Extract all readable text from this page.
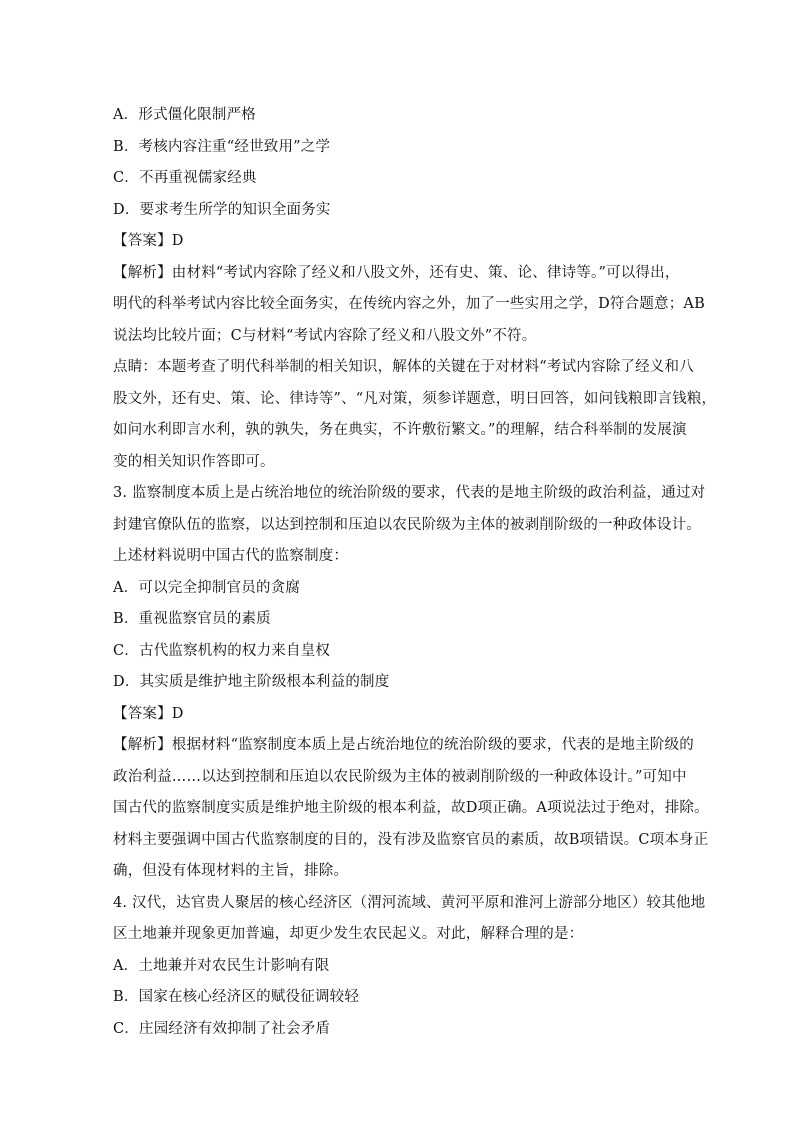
A．形式僵化限制严格
B．考核内容注重“经世致用”之学
C．不再重视儒家经典
D．要求考生所学的知识全面务实
【答案】D
【解析】由材料“考试内容除了经义和八股文外，还有史、策、论、律诗等。”可以得出，
明代的科举考试内容比较全面务实，在传统内容之外，加了一些实用之学，D符合题意；AB
说法均比较片面；C与材料“考试内容除了经义和八股文外”不符。
点睛：本题考查了明代科举制的相关知识，解体的关键在于对材料“考试内容除了经义和八
股文外，还有史、策、论、律诗等”、“凡对策，须参详题意，明日回答，如问钱粮即言钱粮，
如问水利即言水利，孰的孰失，务在典实，不许敷衍繁文。”的理解，结合科举制的发展演
变的相关知识作答即可。
3. 监察制度本质上是占统治地位的统治阶级的要求，代表的是地主阶级的政治利益，通过对
封建官僚队伍的监察，以达到控制和压迫以农民阶级为主体的被剥削阶级的一种政体设计。
上述材料说明中国古代的监察制度：
A．可以完全抑制官员的贪腐
B．重视监察官员的素质
C．古代监察机构的权力来自皇权
D．其实质是维护地主阶级根本利益的制度
【答案】D
【解析】根据材料“监察制度本质上是占统治地位的统治阶级的要求，代表的是地主阶级的
政治利益……以达到控制和压迫以农民阶级为主体的被剥削阶级的一种政体设计。”可知中
国古代的监察制度实质是维护地主阶级的根本利益，故D项正确。A项说法过于绝对，排除。
材料主要强调中国古代监察制度的目的，没有涉及监察官员的素质，故B项错误。C项本身正
确，但没有体现材料的主旨，排除。
4. 汉代，达官贵人聚居的核心经济区（渭河流域、黄河平原和淮河上游部分地区）较其他地
区土地兼并现象更加普遍，却更少发生农民起义。对此，解释合理的是：
A．土地兼并对农民生计影响有限
B．国家在核心经济区的赋役征调较轻
C．庄园经济有效抑制了社会矛盾
